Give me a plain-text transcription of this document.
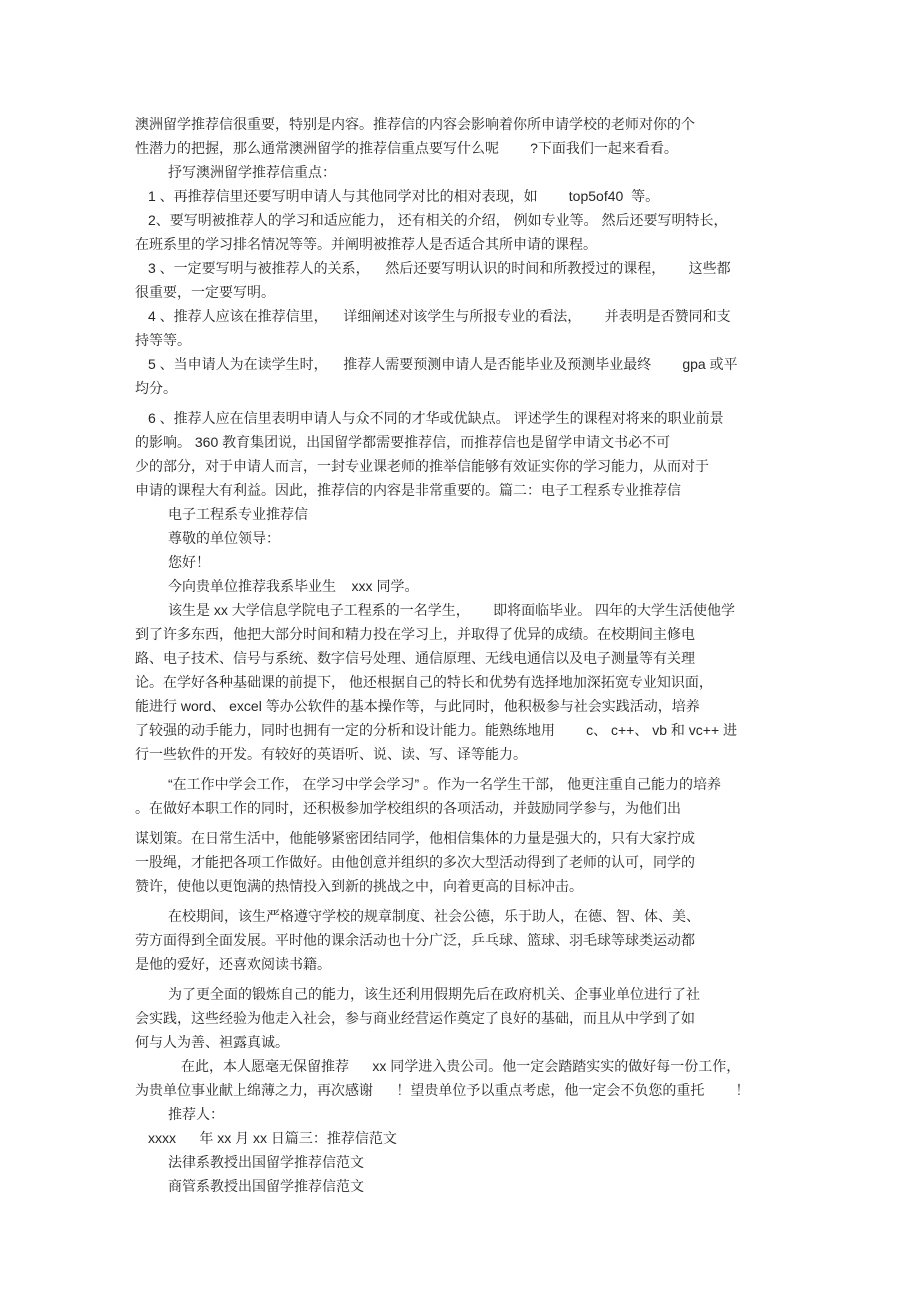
澳洲留学推荐信很重要，特别是内容。推荐信的内容会影响着你所申请学校的老师对你的个
性潜力的把握，那么通常澳洲留学的推荐信重点要写什么呢        ?下面我们一起来看看。
抒写澳洲留学推荐信重点：
1 、再推荐信里还要写明申请人与其他同学对比的相对表现，如        top5of40  等。
2、要写明被推荐人的学习和适应能力， 还有相关的介绍， 例如专业等。 然后还要写明特长，
在班系里的学习排名情况等等。并阐明被推荐人是否适合其所申请的课程。
3 、一定要写明与被推荐人的关系，    然后还要写明认识的时间和所教授过的课程，      这些都
很重要，一定要写明。
4 、推荐人应该在推荐信里，    详细阐述对该学生与所报专业的看法，      并表明是否赞同和支
持等等。
5 、当申请人为在读学生时，    推荐人需要预测申请人是否能毕业及预测毕业最终        gpa 或平
均分。
6 、推荐人应在信里表明申请人与众不同的才华或优缺点。 评述学生的课程对将来的职业前景
的影响。 360 教育集团说，出国留学都需要推荐信，而推荐信也是留学申请文书必不可
少的部分，对于申请人而言，一封专业课老师的推举信能够有效证实你的学习能力，从而对于
申请的课程大有利益。因此，推荐信的内容是非常重要的。篇二：电子工程系专业推荐信
电子工程系专业推荐信
尊敬的单位领导：
您好！
今向贵单位推荐我系毕业生    xxx 同学。
该生是 xx 大学信息学院电子工程系的一名学生，      即将面临毕业。 四年的大学生活使他学
到了许多东西，他把大部分时间和精力投在学习上，并取得了优异的成绩。在校期间主修电
路、电子技术、信号与系统、数字信号处理、通信原理、无线电通信以及电子测量等有关理
论。在学好各种基础课的前提下， 他还根据自己的特长和优势有选择地加深拓宽专业知识面，
能进行 word、 excel 等办公软件的基本操作等，与此同时，他积极参与社会实践活动，培养
了较强的动手能力，同时也拥有一定的分析和设计能力。能熟练地用        c、 c++、 vb 和 vc++ 进
行一些软件的开发。有较好的英语听、说、读、写、译等能力。
“在工作中学会工作， 在学习中学会学习” 。作为一名学生干部， 他更注重自己能力的培养
。在做好本职工作的同时，还积极参加学校组织的各项活动，并鼓励同学参与，为他们出
谋划策。在日常生活中，他能够紧密团结同学，他相信集体的力量是强大的，只有大家拧成
一股绳，才能把各项工作做好。由他创意并组织的多次大型活动得到了老师的认可，同学的
赞许，使他以更饱满的热情投入到新的挑战之中，向着更高的目标冲击。
在校期间，该生严格遵守学校的规章制度、社会公德，乐于助人，在德、智、体、美、
劳方面得到全面发展。平时他的课余活动也十分广泛，乒乓球、篮球、羽毛球等球类运动都
是他的爱好，还喜欢阅读书籍。
为了更全面的锻炼自己的能力，该生还利用假期先后在政府机关、企事业单位进行了社
会实践，这些经验为他走入社会，参与商业经营运作奠定了良好的基础，而且从中学到了如
何与人为善、袒露真诚。
在此，本人愿毫无保留推荐      xx 同学进入贵公司。他一定会踏踏实实的做好每一份工作，
为贵单位事业献上绵薄之力，再次感谢      ！望贵单位予以重点考虑，他一定会不负您的重托        ！
推荐人：
xxxx      年 xx 月 xx 日篇三：推荐信范文
法律系教授出国留学推荐信范文
商管系教授出国留学推荐信范文
